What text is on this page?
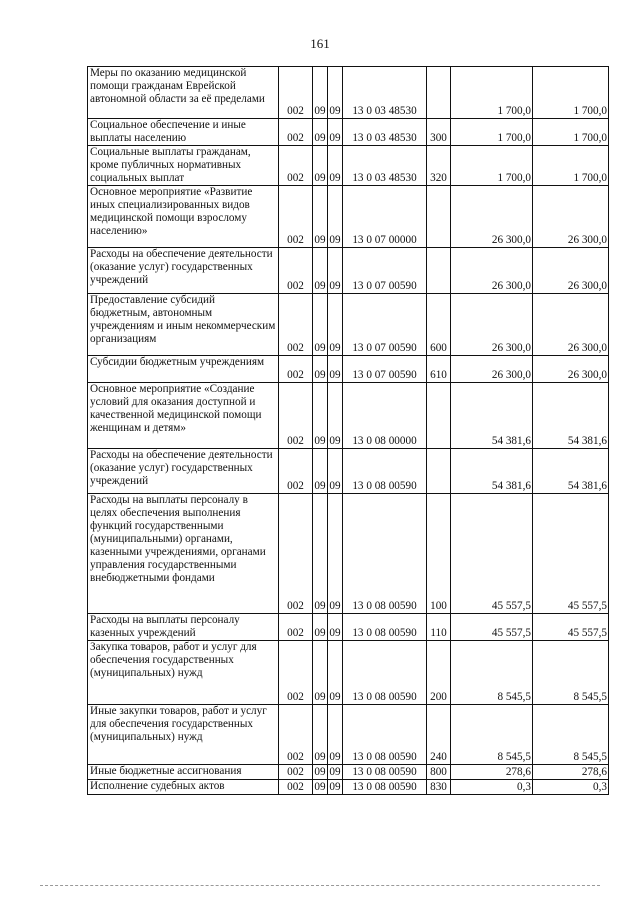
161
Меры по оказанию медицинской помощи гражданам Еврейской автономной области за её пределами	002	09	09	13 0 03 48530		1 700,0	1 700,0
Социальное обеспечение и иные выплаты населению	002	09	09	13 0 03 48530	300	1 700,0	1 700,0
Социальные выплаты гражданам, кроме публичных нормативных социальных выплат	002	09	09	13 0 03 48530	320	1 700,0	1 700,0
Основное мероприятие «Развитие иных специализированных видов медицинской помощи взрослому населению»	002	09	09	13 0 07 00000		26 300,0	26 300,0
Расходы на обеспечение деятельности (оказание услуг) государственных учреждений	002	09	09	13 0 07 00590		26 300,0	26 300,0
Предоставление субсидий бюджетным, автономным учреждениям и иным некоммерческим организациям	002	09	09	13 0 07 00590	600	26 300,0	26 300,0
Субсидии бюджетным учреждениям	002	09	09	13 0 07 00590	610	26 300,0	26 300,0
Основное мероприятие «Создание условий для оказания доступной и качественной медицинской помощи женщинам и детям»	002	09	09	13 0 08 00000		54 381,6	54 381,6
Расходы на обеспечение деятельности (оказание услуг) государственных учреждений	002	09	09	13 0 08 00590		54 381,6	54 381,6
Расходы на выплаты персоналу в целях обеспечения выполнения функций государственными (муниципальными) органами, казенными учреждениями, органами управления государственными внебюджетными фондами	002	09	09	13 0 08 00590	100	45 557,5	45 557,5
Расходы на выплаты персоналу казенных учреждений	002	09	09	13 0 08 00590	110	45 557,5	45 557,5
Закупка товаров, работ и услуг для обеспечения государственных (муниципальных) нужд	002	09	09	13 0 08 00590	200	8 545,5	8 545,5
Иные закупки товаров, работ и услуг для обеспечения государственных (муниципальных) нужд	002	09	09	13 0 08 00590	240	8 545,5	8 545,5
Иные бюджетные ассигнования	002	09	09	13 0 08 00590	800	278,6	278,6
Исполнение судебных актов	002	09	09	13 0 08 00590	830	0,3	0,3
